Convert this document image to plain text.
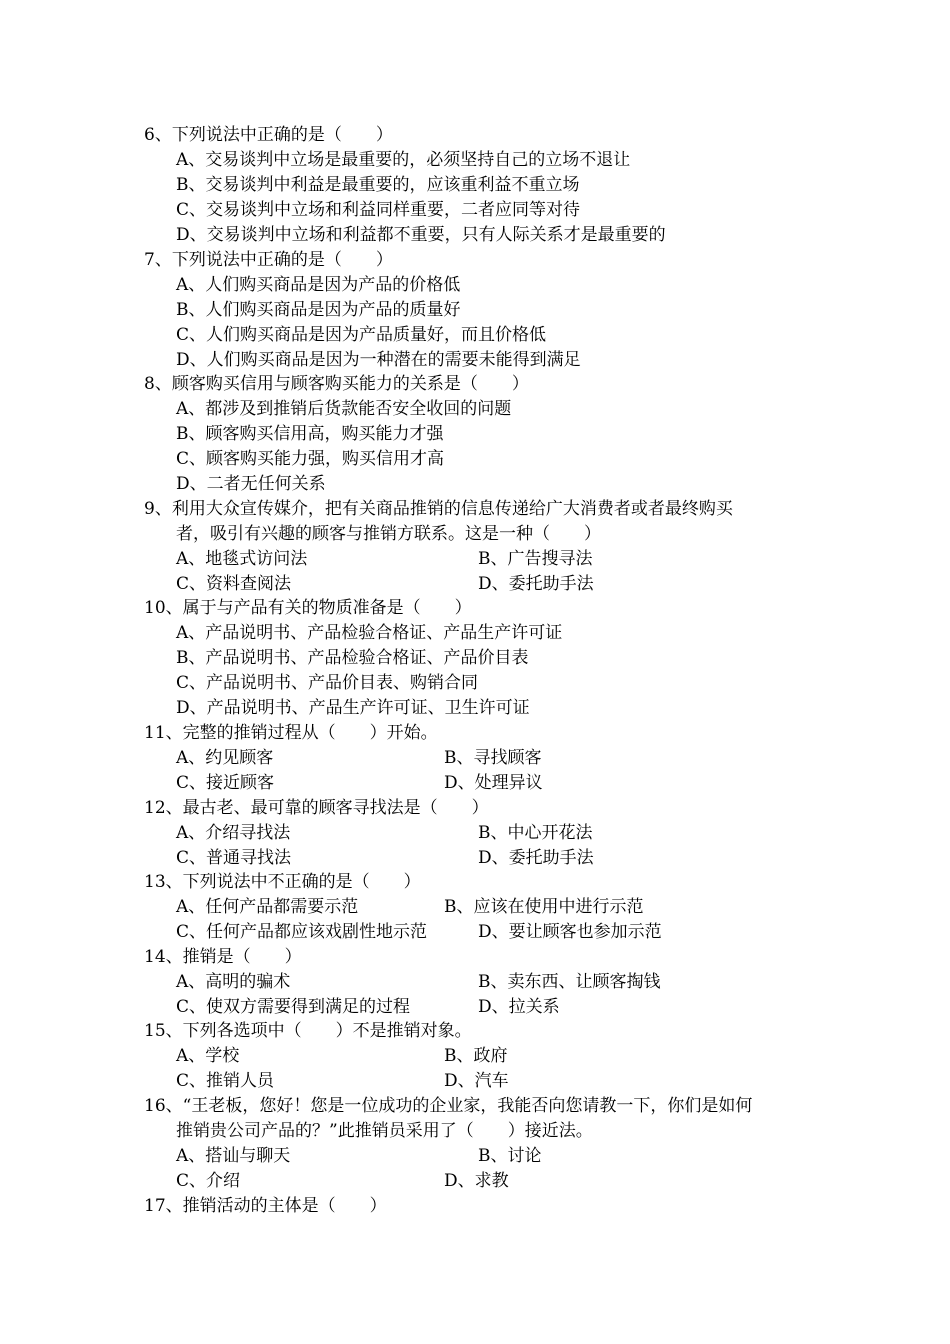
6、下列说法中正确的是（　　）
A、交易谈判中立场是最重要的，必须坚持自己的立场不退让
B、交易谈判中利益是最重要的，应该重利益不重立场
C、交易谈判中立场和利益同样重要，二者应同等对待
D、交易谈判中立场和利益都不重要，只有人际关系才是最重要的
7、下列说法中正确的是（　　）
A、人们购买商品是因为产品的价格低
B、人们购买商品是因为产品的质量好
C、人们购买商品是因为产品质量好，而且价格低
D、人们购买商品是因为一种潜在的需要未能得到满足
8、顾客购买信用与顾客购买能力的关系是（　　）
A、都涉及到推销后货款能否安全收回的问题
B、顾客购买信用高，购买能力才强
C、顾客购买能力强，购买信用才高
D、二者无任何关系
9、利用大众宣传媒介，把有关商品推销的信息传递给广大消费者或者最终购买
者，吸引有兴趣的顾客与推销方联系。这是一种（　　）
A、地毯式访问法	B、广告搜寻法
C、资料查阅法	D、委托助手法
10、属于与产品有关的物质准备是（　　）
A、产品说明书、产品检验合格证、产品生产许可证
B、产品说明书、产品检验合格证、产品价目表
C、产品说明书、产品价目表、购销合同
D、产品说明书、产品生产许可证、卫生许可证
11、完整的推销过程从（　　）开始。
A、约见顾客	B、寻找顾客
C、接近顾客	D、处理异议
12、最古老、最可靠的顾客寻找法是（　　）
A、介绍寻找法	B、中心开花法
C、普通寻找法	D、委托助手法
13、下列说法中不正确的是（　　）
A、任何产品都需要示范	B、应该在使用中进行示范
C、任何产品都应该戏剧性地示范	D、要让顾客也参加示范
14、推销是（　　）
A、高明的骗术	B、卖东西、让顾客掏钱
C、使双方需要得到满足的过程	D、拉关系
15、下列各选项中（　　）不是推销对象。
A、学校	B、政府
C、推销人员	D、汽车
16、“王老板，您好！您是一位成功的企业家，我能否向您请教一下，你们是如何
推销贵公司产品的？”此推销员采用了（　　）接近法。
A、搭讪与聊天	B、讨论
C、介绍	D、求教
17、推销活动的主体是（　　）
